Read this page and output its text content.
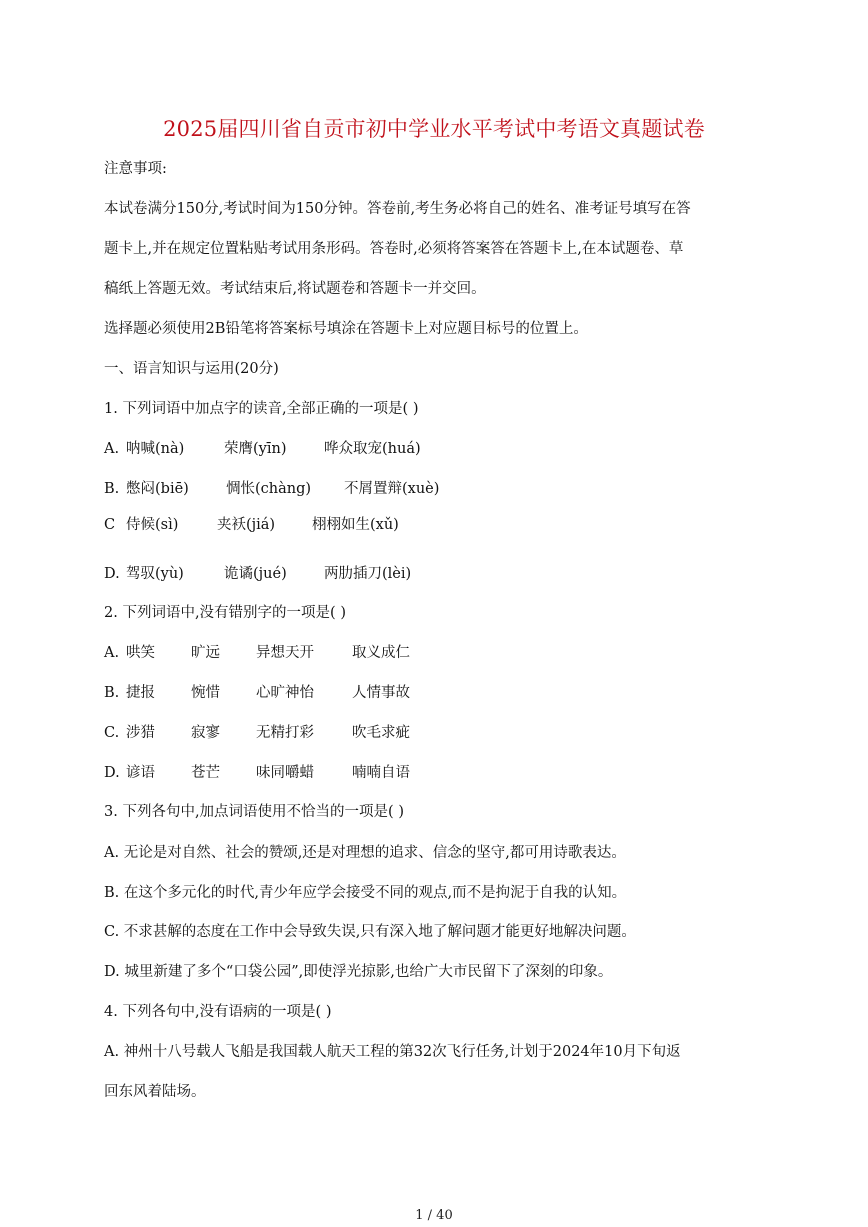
2025届四川省自贡市初中学业水平考试中考语文真题试卷
注意事项:
本试卷满分150分,考试时间为150分钟。答卷前,考生务必将自己的姓名、准考证号填写在答
题卡上,并在规定位置粘贴考试用条形码。答卷时,必须将答案答在答题卡上,在本试题卷、草
稿纸上答题无效。考试结束后,将试题卷和答题卡一并交回。
选择题必须使用2B铅笔将答案标号填涂在答题卡上对应题目标号的位置上。
一、语言知识与运用(20分)
1. 下列词语中加点字的读音,全部正确的一项是( )
A. 呐喊(nà)	荣膺(yīn)	哗众取宠(huá)
B. 憋闷(biē)	惆怅(chàng) 不屑置辩(xuè)
C 侍候(sì)	夹袄(jiá)	栩栩如生(xǔ)
D. 驾驭(yù)	诡谲(jué)	两肋插刀(lèi)
2. 下列词语中,没有错别字的一项是( )
A. 哄笑 旷远 异想天开	取义成仁
B. 捷报 惋惜 心旷神怡	人情事故
C. 涉猎 寂寥 无精打彩	吹毛求疵
D. 谚语 苍芒 味同嚼蜡	喃喃自语
3. 下列各句中,加点词语使用不恰当的一项是( )
A. 无论是对自然、社会的赞颂,还是对理想的追求、信念的坚守,都可用诗歌表达。
B. 在这个多元化的时代,青少年应学会接受不同的观点,而不是拘泥于自我的认知。
C. 不求甚解的态度在工作中会导致失误,只有深入地了解问题才能更好地解决问题。
D. 城里新建了多个“口袋公园”,即使浮光掠影,也给广大市民留下了深刻的印象。
4. 下列各句中,没有语病的一项是( )
A. 神州十八号载人飞船是我国载人航天工程的第32次飞行任务,计划于2024年10月下旬返
回东风着陆场。
1 / 40
